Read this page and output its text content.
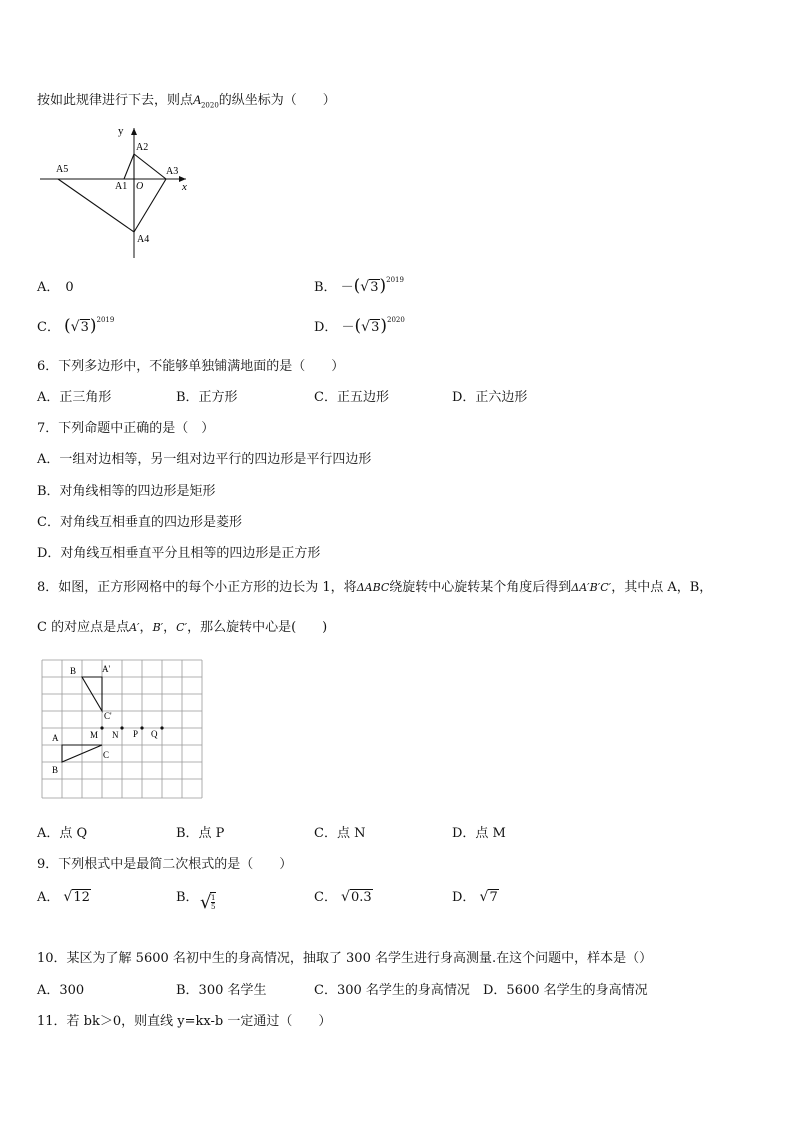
按如此规律进行下去，则点$A_{2020}$的纵坐标为（　　）
y
x
O
A1
A2
A3
A4
A5
A． 0	B． －( √ 3)$^{2019}$
C． ( √ 3)$^{2019}$
D． －( √ 3)$^{2020}$
6．下列多边形中，不能够单独铺满地面的是（　　）
A．正三角形	B．正方形	C．正五边形	D．正六边形
7．下列命题中正确的是（　）
A．一组对边相等，另一组对边平行的四边形是平行四边形
B．对角线相等的四边形是矩形
C．对角线互相垂直的四边形是菱形
D．对角线互相垂直平分且相等的四边形是正方形
8．如图，正方形网格中的每个小正方形的边长为 1，将ΔABC绕旋转中心旋转某个角度后得到ΔA′B′C′，其中点 A，B，
C 的对应点是点A′，B′，C′，那么旋转中心是(　　)
B	A'
C'
A
B
C
M N P Q
A．点 Q	B．点 P	C．点 N	D．点 M
9．下列根式中是最简二次根式的是（　　）
A． √ 12	B． √
$\frac{1}{5}$	C． √ 0.3	D． √ 7
10．某区为了解 5600 名初中生的身高情况，抽取了 300 名学生进行身高测量.在这个问题中，样本是（）
A．300	B．300 名学生	C．300 名学生的身高情况 D．5600 名学生的身高情况
11．若 bk＞0，则直线 y=kx-b 一定通过（　　）
